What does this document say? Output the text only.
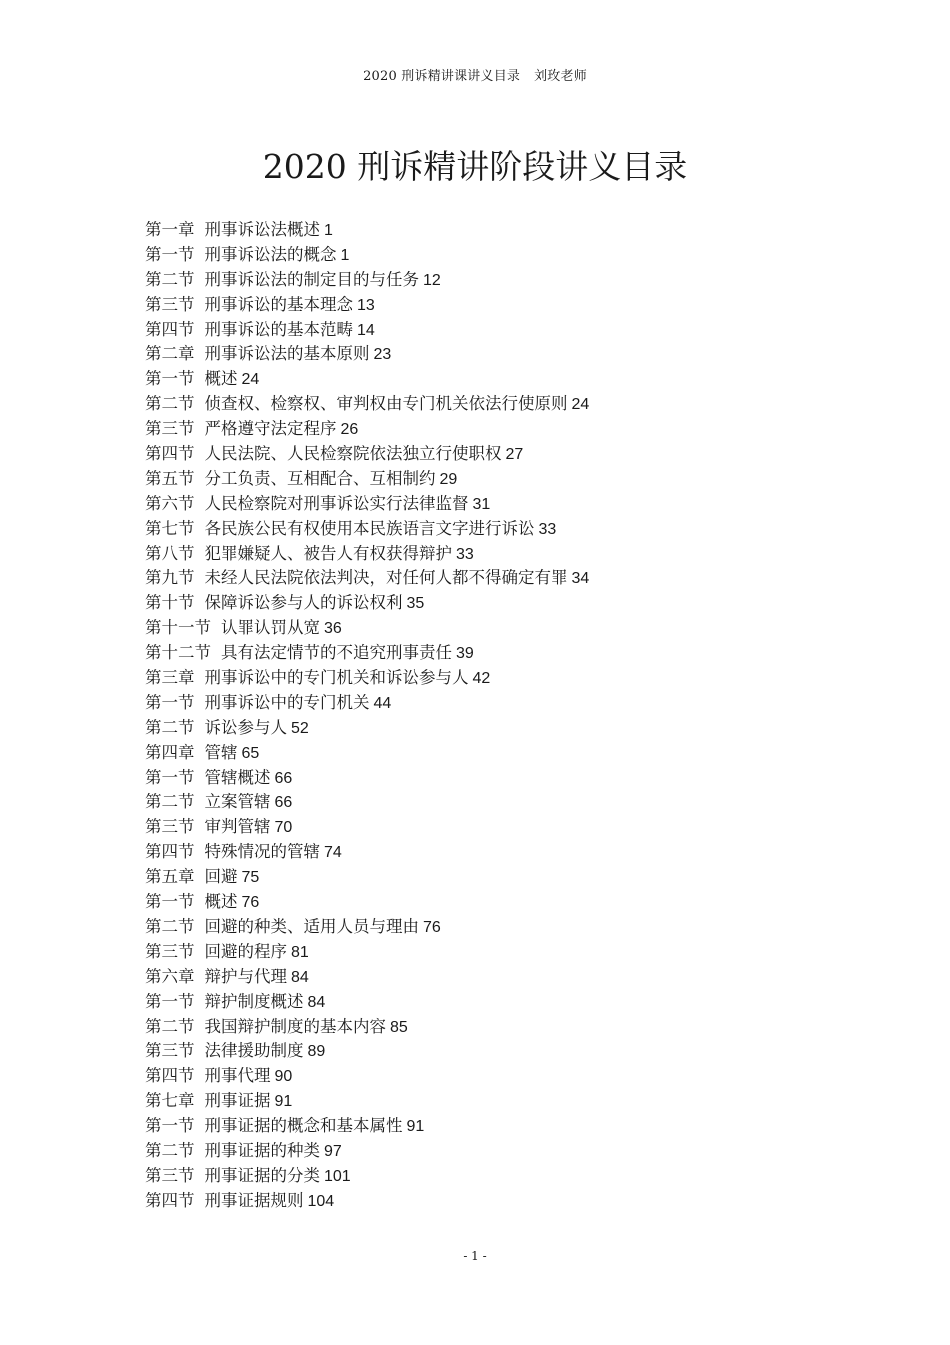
2020 刑诉精讲课讲义目录 刘玫老师
2020 刑诉精讲阶段讲义目录
第一章 刑事诉讼法概述 1
第一节 刑事诉讼法的概念 1
第二节 刑事诉讼法的制定目的与任务 12
第三节 刑事诉讼的基本理念 13
第四节 刑事诉讼的基本范畴 14
第二章 刑事诉讼法的基本原则 23
第一节 概述 24
第二节 侦查权、检察权、审判权由专门机关依法行使原则 24
第三节 严格遵守法定程序 26
第四节 人民法院、人民检察院依法独立行使职权 27
第五节 分工负责、互相配合、互相制约 29
第六节 人民检察院对刑事诉讼实行法律监督 31
第七节 各民族公民有权使用本民族语言文字进行诉讼 33
第八节 犯罪嫌疑人、被告人有权获得辩护 33
第九节 未经人民法院依法判决，对任何人都不得确定有罪 34
第十节 保障诉讼参与人的诉讼权利 35
第十一节 认罪认罚从宽 36
第十二节 具有法定情节的不追究刑事责任 39
第三章 刑事诉讼中的专门机关和诉讼参与人 42
第一节 刑事诉讼中的专门机关 44
第二节 诉讼参与人 52
第四章 管辖 65
第一节 管辖概述 66
第二节 立案管辖 66
第三节 审判管辖 70
第四节 特殊情况的管辖 74
第五章 回避 75
第一节 概述 76
第二节 回避的种类、适用人员与理由 76
第三节 回避的程序 81
第六章 辩护与代理 84
第一节 辩护制度概述 84
第二节 我国辩护制度的基本内容 85
第三节 法律援助制度 89
第四节 刑事代理 90
第七章 刑事证据 91
第一节 刑事证据的概念和基本属性 91
第二节 刑事证据的种类 97
第三节 刑事证据的分类 101
第四节 刑事证据规则 104
- 1 -
